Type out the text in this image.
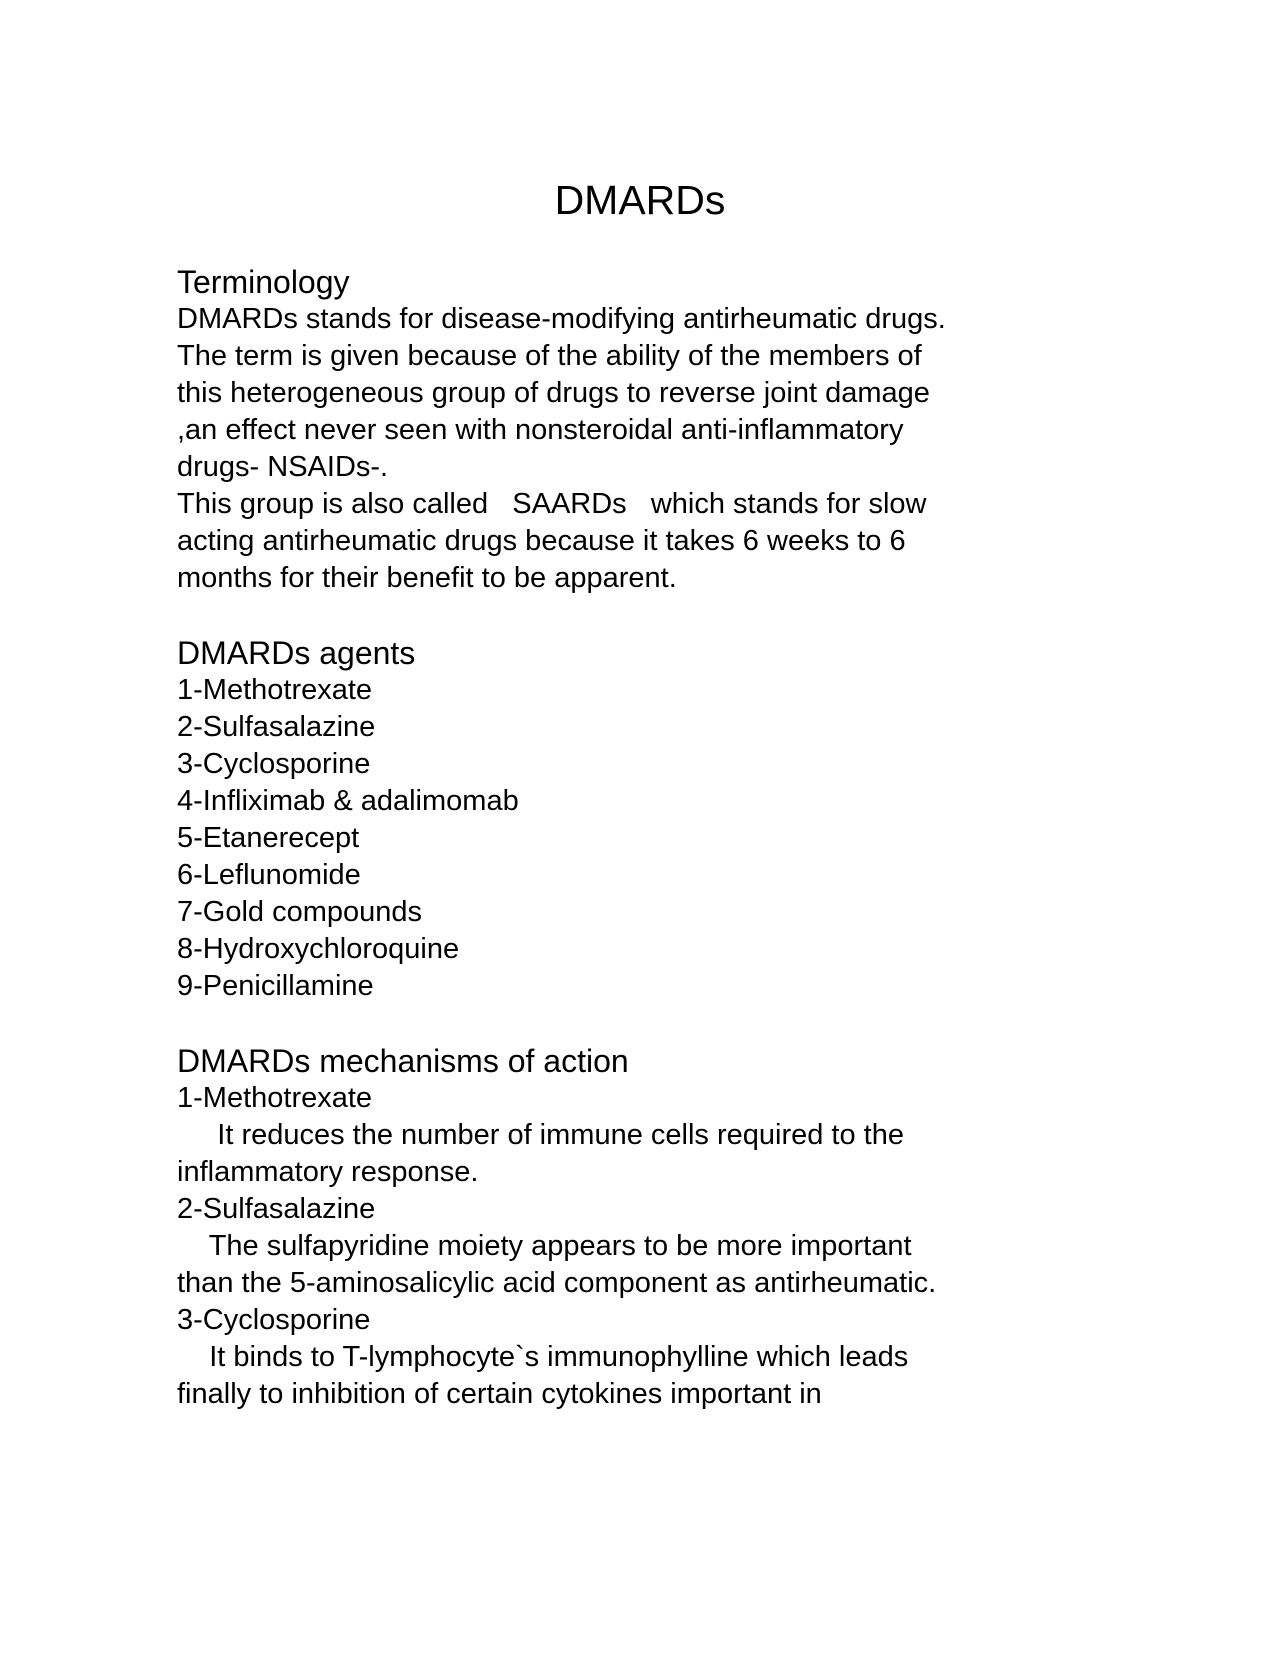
DMARDs
Terminology
DMARDs stands for disease-modifying antirheumatic drugs.
The term is given because of the ability of the members of
this heterogeneous group of drugs to reverse joint damage
,an effect never seen with nonsteroidal anti-inflammatory
drugs- NSAIDs-.
This group is also called   SAARDs   which stands for slow
acting antirheumatic drugs because it takes 6 weeks to 6
months for their benefit to be apparent.
DMARDs agents
1-Methotrexate
2-Sulfasalazine
3-Cyclosporine
4-Infliximab & adalimomab
5-Etanerecept
6-Leflunomide
7-Gold compounds
8-Hydroxychloroquine
9-Penicillamine
DMARDs mechanisms of action
1-Methotrexate
It reduces the number of immune cells required to the
inflammatory response.
2-Sulfasalazine
The sulfapyridine moiety appears to be more important
than the 5-aminosalicylic acid component as antirheumatic.
3-Cyclosporine
It binds to T-lymphocyte`s immunophylline which leads
finally to inhibition of certain cytokines important in
